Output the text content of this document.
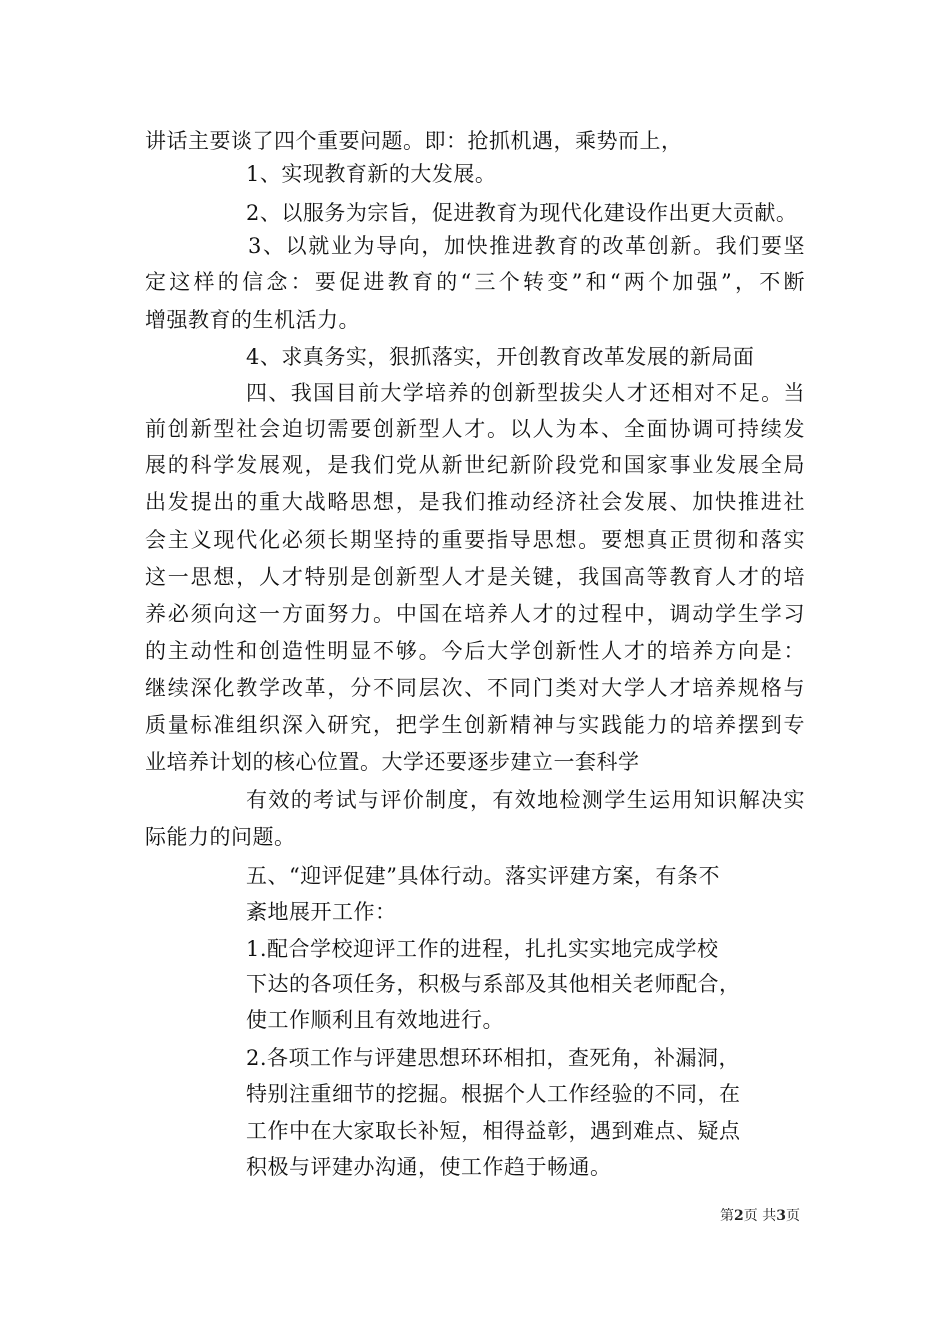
讲话主要谈了四个重要问题。即：抢抓机遇，乘势而上，
1、实现教育新的大发展。
2、以服务为宗旨，促进教育为现代化建设作出更大贡献。
3、以就业为导向，加快推进教育的改革创新。我们要坚
定这样的信念：要促进教育的“三个转变”和“两个加强”，不断
增强教育的生机活力。
4、求真务实，狠抓落实，开创教育改革发展的新局面
四、我国目前大学培养的创新型拔尖人才还相对不足。当
前创新型社会迫切需要创新型人才。以人为本、全面协调可持续发
展的科学发展观，是我们党从新世纪新阶段党和国家事业发展全局
出发提出的重大战略思想，是我们推动经济社会发展、加快推进社
会主义现代化必须长期坚持的重要指导思想。要想真正贯彻和落实
这一思想，人才特别是创新型人才是关键，我国高等教育人才的培
养必须向这一方面努力。中国在培养人才的过程中，调动学生学习
的主动性和创造性明显不够。今后大学创新性人才的培养方向是：
继续深化教学改革，分不同层次、不同门类对大学人才培养规格与
质量标准组织深入研究，把学生创新精神与实践能力的培养摆到专
业培养计划的核心位置。大学还要逐步建立一套科学
有效的考试与评价制度，有效地检测学生运用知识解决实
际能力的问题。
五、“迎评促建”具体行动。落实评建方案，有条不
紊地展开工作：
1.配合学校迎评工作的进程，扎扎实实地完成学校
下达的各项任务，积极与系部及其他相关老师配合，
使工作顺利且有效地进行。
2.各项工作与评建思想环环相扣，查死角，补漏洞，
特别注重细节的挖掘。根据个人工作经验的不同，在
工作中在大家取长补短，相得益彰，遇到难点、疑点
积极与评建办沟通，使工作趋于畅通。
第2页 共3页
